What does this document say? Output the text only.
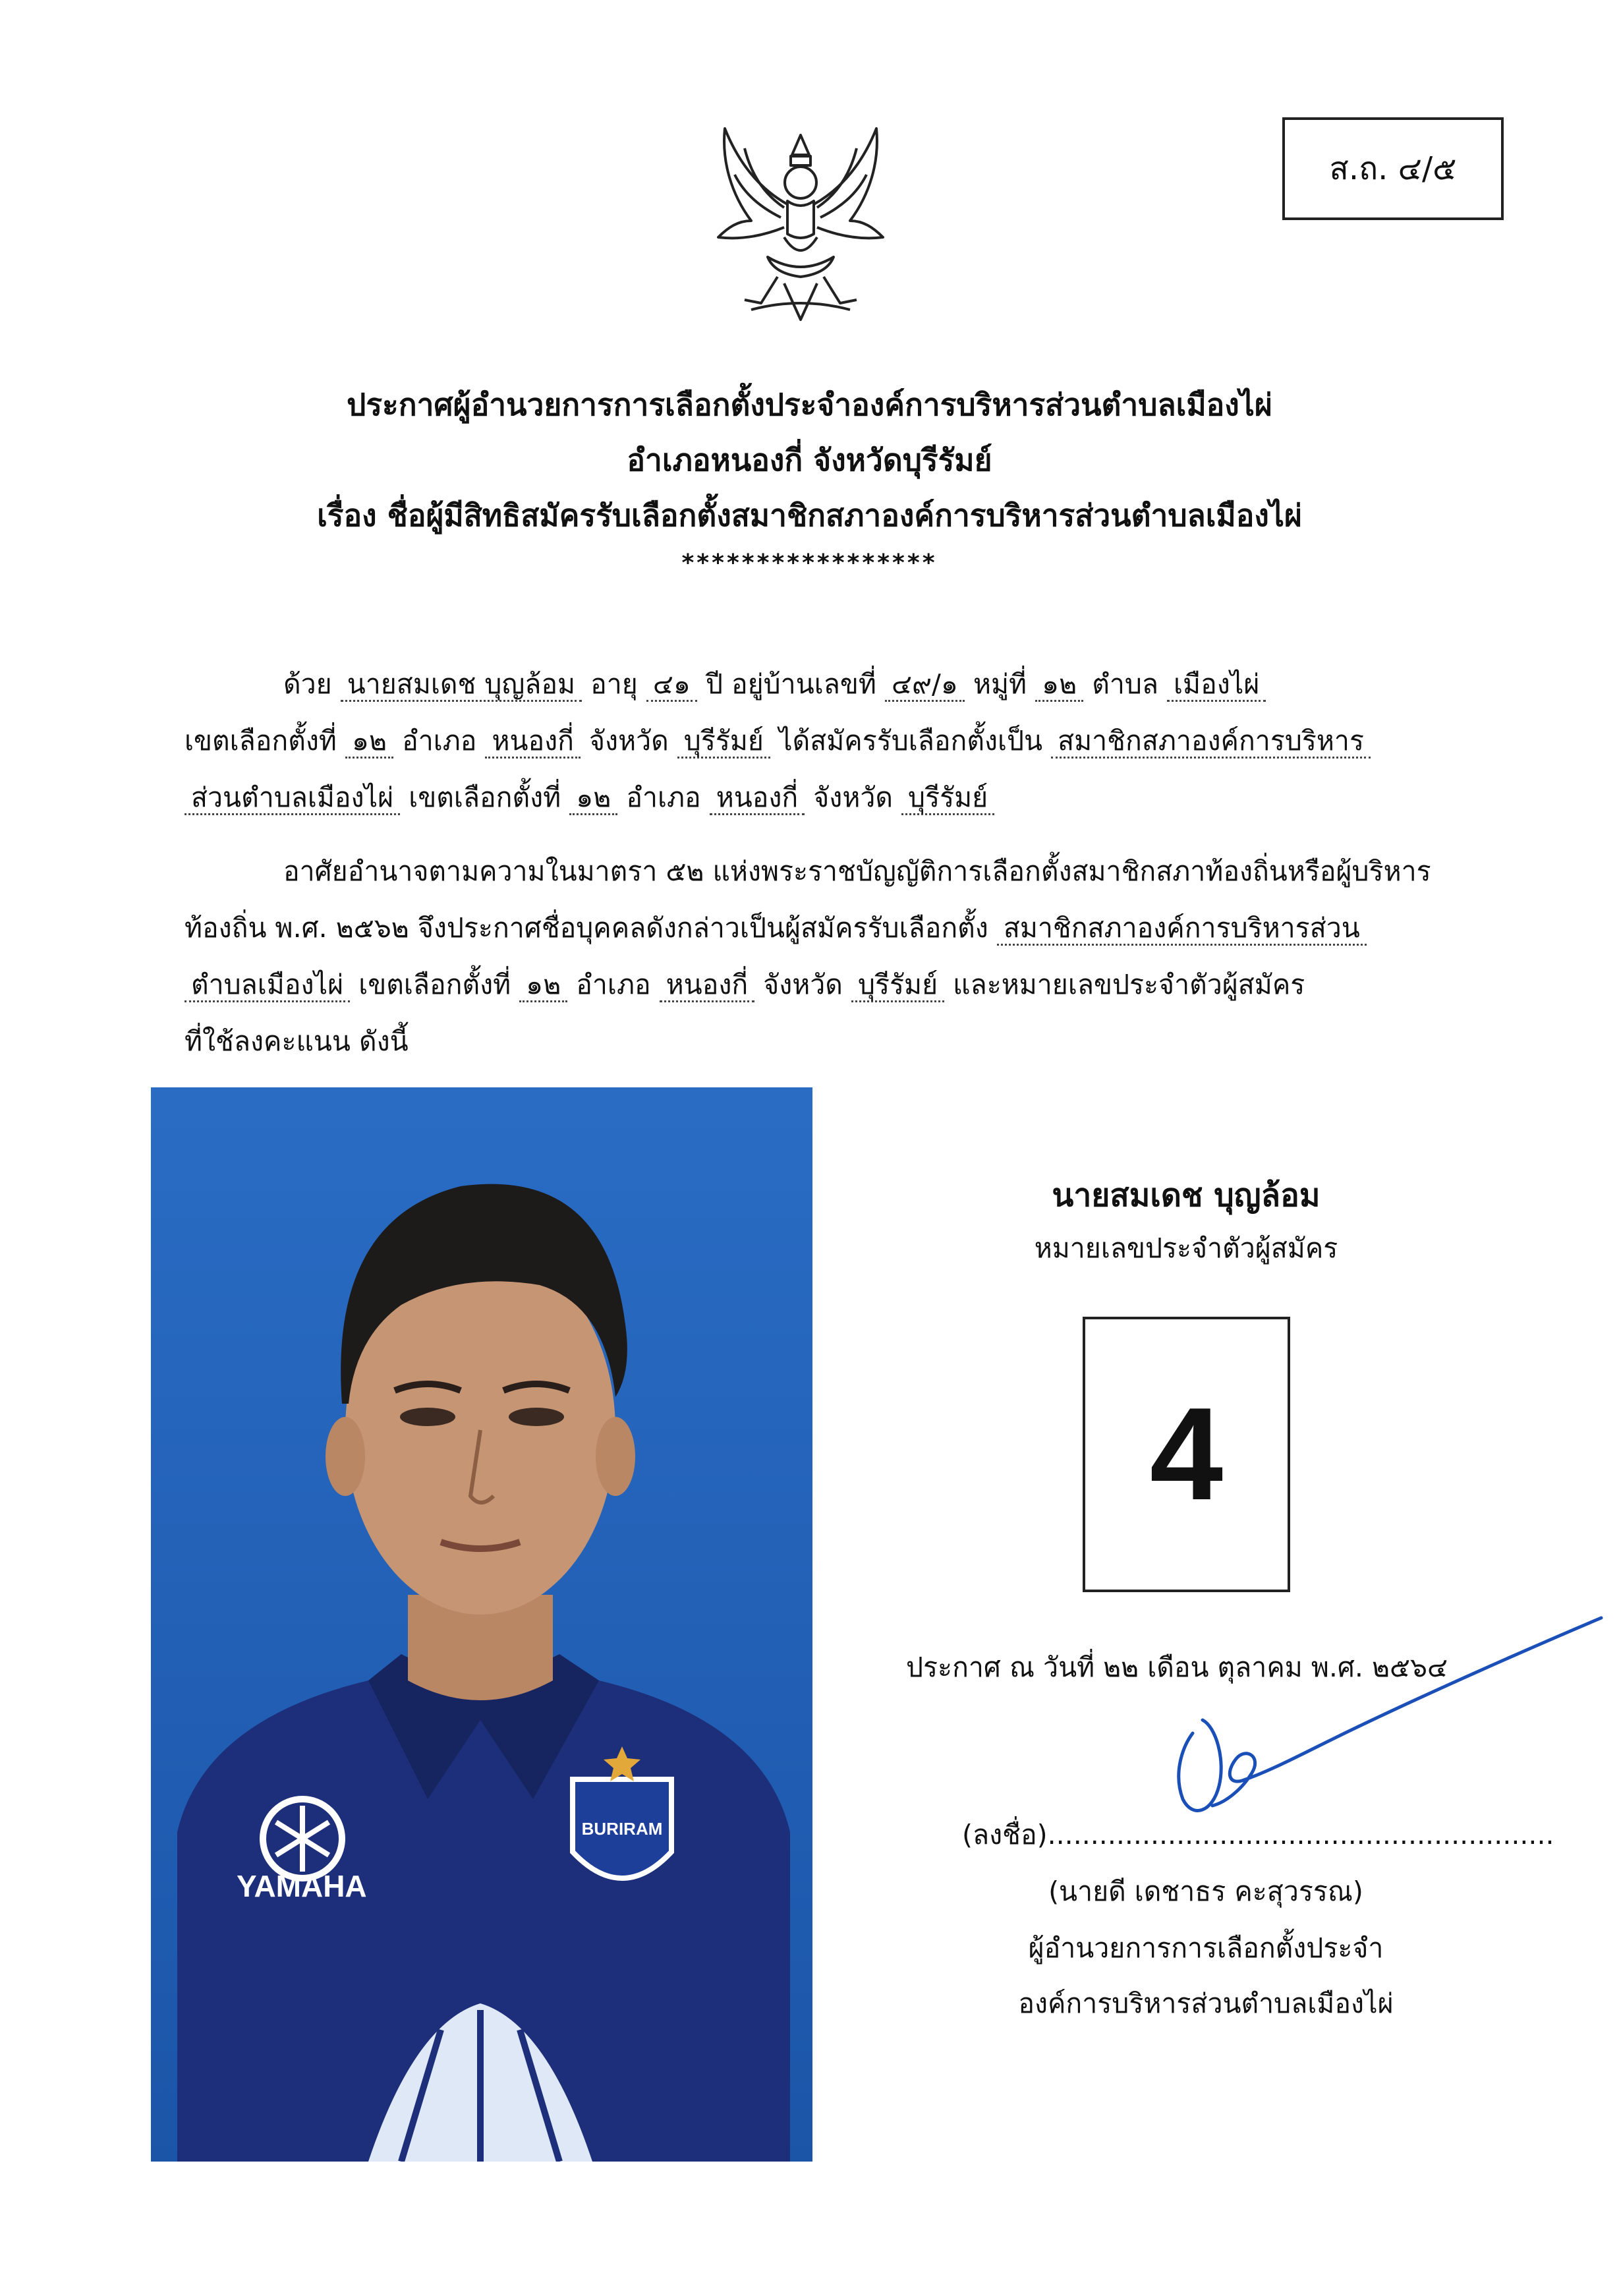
ส.ถ. ๔/๕
ประกาศผู้อำนวยการการเลือกตั้งประจำองค์การบริหารส่วนตำบลเมืองไผ่
อำเภอหนองกี่ จังหวัดบุรีรัมย์
เรื่อง ชื่อผู้มีสิทธิสมัครรับเลือกตั้งสมาชิกสภาองค์การบริหารส่วนตำบลเมืองไผ่
*****************
ด้วย นายสมเดช บุญล้อม อายุ ๔๑ ปี อยู่บ้านเลขที่ ๔๙/๑ หมู่ที่ ๑๒ ตำบล เมืองไผ่
เขตเลือกตั้งที่ ๑๒ อำเภอ หนองกี่ จังหวัด บุรีรัมย์ ได้สมัครรับเลือกตั้งเป็น สมาชิกสภาองค์การบริหาร
ส่วนตำบลเมืองไผ่ เขตเลือกตั้งที่ ๑๒ อำเภอ หนองกี่ จังหวัด บุรีรัมย์
อาศัยอำนาจตามความในมาตรา ๕๒ แห่งพระราชบัญญัติการเลือกตั้งสมาชิกสภาท้องถิ่นหรือผู้บริหาร
ท้องถิ่น พ.ศ. ๒๕๖๒ จึงประกาศชื่อบุคคลดังกล่าวเป็นผู้สมัครรับเลือกตั้ง สมาชิกสภาองค์การบริหารส่วน
ตำบลเมืองไผ่ เขตเลือกตั้งที่ ๑๒ อำเภอ หนองกี่ จังหวัด บุรีรัมย์ และหมายเลขประจำตัวผู้สมัคร
ที่ใช้ลงคะแนน ดังนี้
YAMAHA
BURIRAM
นายสมเดช บุญล้อม
หมายเลขประจำตัวผู้สมัคร
4
ประกาศ ณ วันที่ ๒๒ เดือน ตุลาคม พ.ศ. ๒๕๖๔
(ลงชื่อ)...........................................................
(นายดี เดชาธร คะสุวรรณ)
ผู้อำนวยการการเลือกตั้งประจำ
องค์การบริหารส่วนตำบลเมืองไผ่
